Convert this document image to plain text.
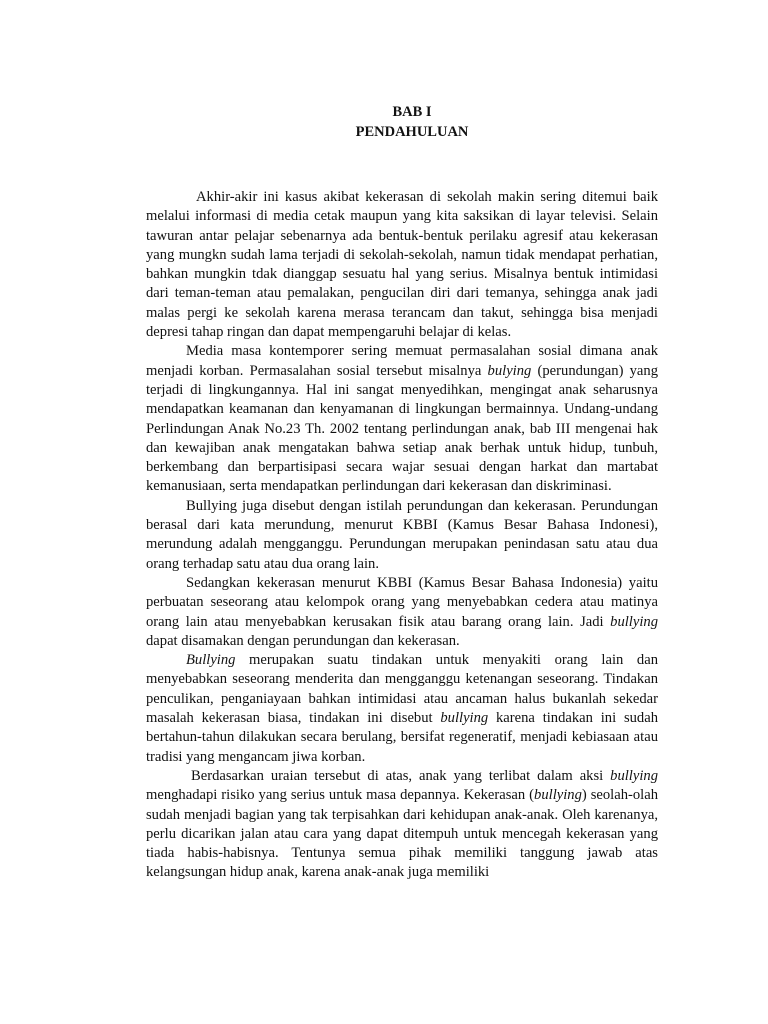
BAB I
PENDAHULUAN

Akhir-akir ini kasus akibat kekerasan di sekolah makin sering ditemui baik melalui informasi di media cetak maupun yang kita saksikan di layar televisi. Selain tawuran antar pelajar sebenarnya ada bentuk-bentuk perilaku agresif atau kekerasan yang mungkn sudah lama terjadi di sekolah-sekolah, namun tidak mendapat perhatian, bahkan mungkin tdak dianggap sesuatu hal yang serius. Misalnya bentuk intimidasi dari teman-teman atau pemalakan, pengucilan diri dari temanya, sehingga anak jadi malas pergi ke sekolah karena merasa terancam dan takut, sehingga bisa menjadi depresi tahap ringan dan dapat mempengaruhi belajar di kelas.

Media masa kontemporer sering memuat permasalahan sosial dimana anak menjadi korban. Permasalahan sosial tersebut misalnya bulying (perundungan) yang terjadi di lingkungannya. Hal ini sangat menyedihkan, mengingat anak seharusnya mendapatkan keamanan dan kenyamanan di lingkungan bermainnya. Undang-undang Perlindungan Anak No.23 Th. 2002 tentang perlindungan anak, bab III mengenai hak dan kewajiban anak mengatakan bahwa setiap anak berhak untuk hidup, tunbuh, berkembang dan berpartisipasi secara wajar sesuai dengan harkat dan martabat kemanusiaan, serta mendapatkan perlindungan dari kekerasan dan diskriminasi.

Bullying juga disebut dengan istilah perundungan dan kekerasan. Perundungan berasal dari kata merundung, menurut KBBI (Kamus Besar Bahasa Indonesi), merundung adalah mengganggu. Perundungan merupakan penindasan satu atau dua orang terhadap satu atau dua orang lain.

Sedangkan kekerasan menurut KBBI (Kamus Besar Bahasa Indonesia) yaitu perbuatan seseorang atau kelompok orang yang menyebabkan cedera atau matinya orang lain atau menyebabkan kerusakan fisik atau barang orang lain. Jadi bullying dapat disamakan dengan perundungan dan kekerasan.

Bullying merupakan suatu tindakan untuk menyakiti orang lain dan menyebabkan seseorang menderita dan mengganggu ketenangan seseorang. Tindakan penculikan, penganiayaan bahkan intimidasi atau ancaman halus bukanlah sekedar masalah kekerasan biasa, tindakan ini disebut bullying karena tindakan ini sudah bertahun-tahun dilakukan secara berulang, bersifat regeneratif, menjadi kebiasaan atau tradisi yang mengancam jiwa korban.

Berdasarkan uraian tersebut di atas, anak yang terlibat dalam aksi bullying menghadapi risiko yang serius untuk masa depannya. Kekerasan (bullying) seolah-olah sudah menjadi bagian yang tak terpisahkan dari kehidupan anak-anak. Oleh karenanya, perlu dicarikan jalan atau cara yang dapat ditempuh untuk mencegah kekerasan yang tiada habis-habisnya. Tentunya semua pihak memiliki tanggung jawab atas kelangsungan hidup anak, karena anak-anak juga memiliki
